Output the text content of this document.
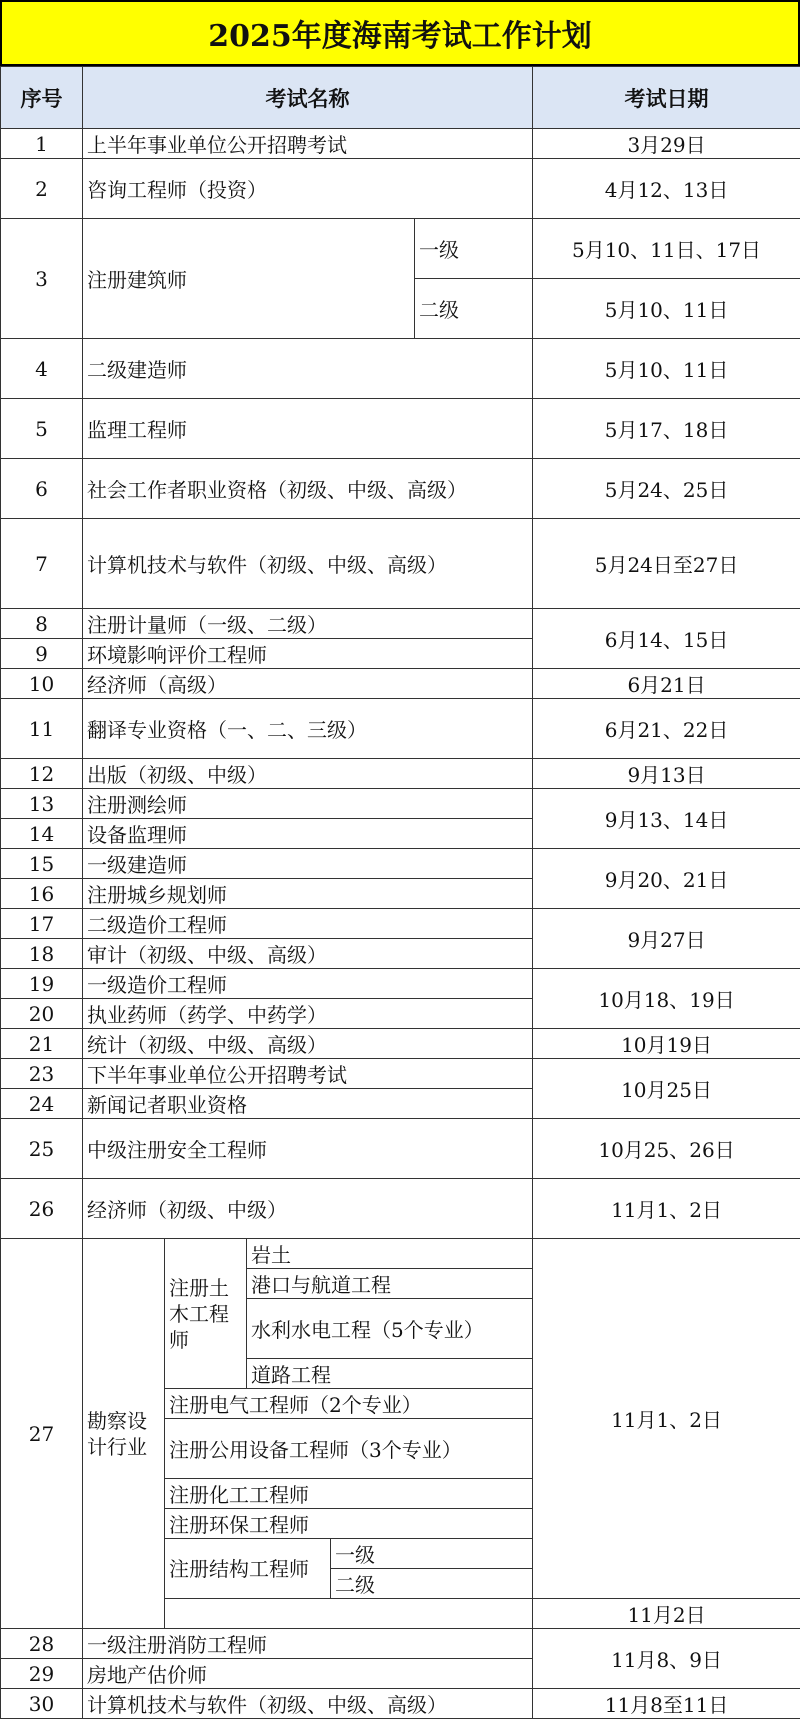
2025年度海南考试工作计划
序号	考试名称					考试日期
1	上半年事业单位公开招聘考试					3月29日
2	咨询工程师（投资）					4月12、13日
3	注册建筑师				一级	5月10、11日、17日
					二级	5月10、11日
4	二级建造师					5月10、11日
5	监理工程师					5月17、18日
6	社会工作者职业资格（初级、中级、高级）					5月24、25日
7	计算机技术与软件（初级、中级、高级）					5月24日至27日
8	注册计量师（一级、二级）					6月14、15日
9	环境影响评价工程师					
10	经济师（高级）					6月21日
11	翻译专业资格（一、二、三级）					6月21、22日
12	出版（初级、中级）					9月13日
13	注册测绘师					9月13、14日
14	设备监理师					
15	一级建造师					9月20、21日
16	注册城乡规划师					
17	二级造价工程师					9月27日
18	审计（初级、中级、高级）					
19	一级造价工程师					10月18、19日
20	执业药师（药学、中药学）					
21	统计（初级、中级、高级）					10月19日
23	下半年事业单位公开招聘考试					10月25日
24	新闻记者职业资格					
25	中级注册安全工程师					10月25、26日
26	经济师（初级、中级）					11月1、2日
27	勘察设计行业	注册土木工程师	岩土			11月1、2日
			港口与航道工程			
			水利水电工程（5个专业）			
			道路工程			
		注册电气工程师（2个专业）				
		注册公用设备工程师（3个专业）				
		注册化工工程师				
		注册环保工程师				
		注册结构工程师		一级		
				二级		
						11月2日
28	一级注册消防工程师					11月8、9日
29	房地产估价师					
30	计算机技术与软件（初级、中级、高级）					11月8至11日
